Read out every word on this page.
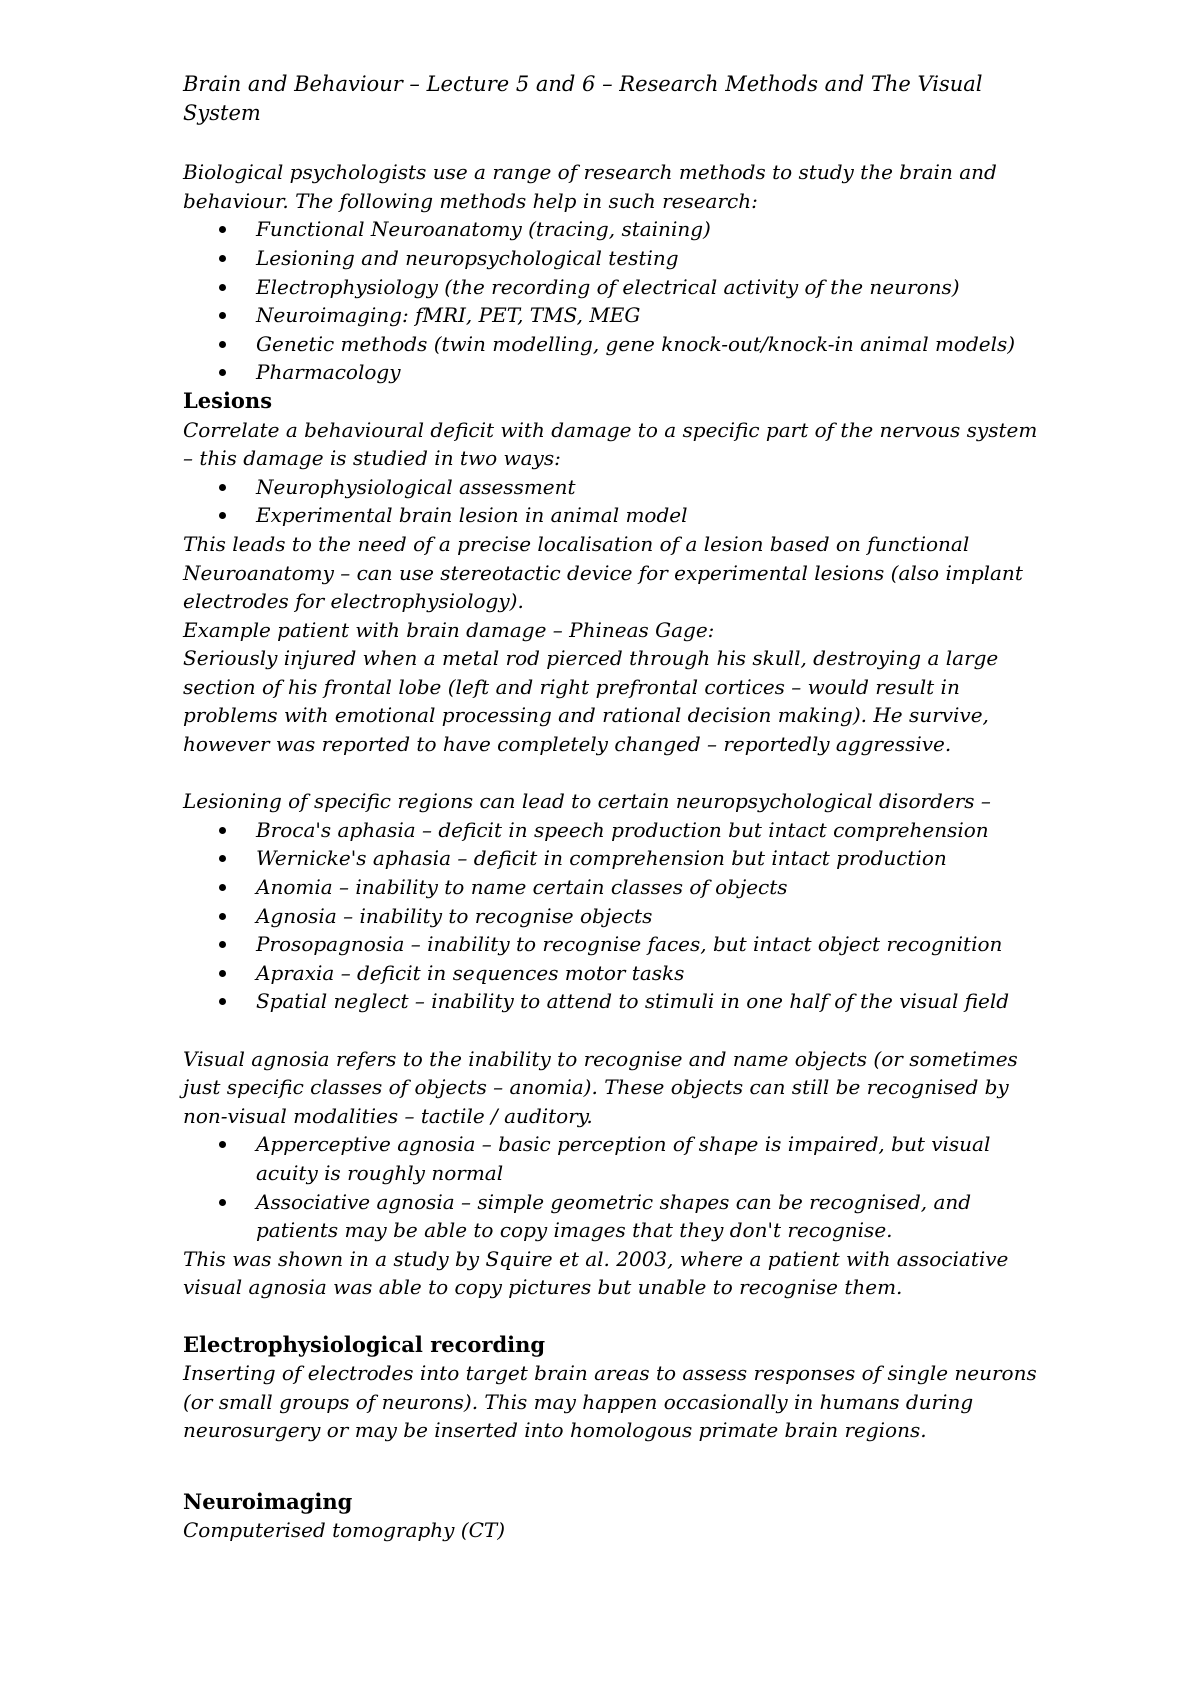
Brain and Behaviour – Lecture 5 and 6 – Research Methods and The Visual System

Biological psychologists use a range of research methods to study the brain and behaviour. The following methods help in such research:

Functional Neuroanatomy (tracing, staining)
Lesioning and neuropsychological testing
Electrophysiology (the recording of electrical activity of the neurons)
Neuroimaging: fMRI, PET, TMS, MEG
Genetic methods (twin modelling, gene knock-out/knock-in animal models)
Pharmacology
Lesions

Correlate a behavioural deficit with damage to a specific part of the nervous system – this damage is studied in two ways:

Neurophysiological assessment
Experimental brain lesion in animal model

This leads to the need of a precise localisation of a lesion based on functional Neuroanatomy – can use stereotactic device for experimental lesions (also implant electrodes for electrophysiology).

Example patient with brain damage – Phineas Gage:

Seriously injured when a metal rod pierced through his skull, destroying a large section of his frontal lobe (left and right prefrontal cortices – would result in problems with emotional processing and rational decision making). He survive, however was reported to have completely changed – reportedly aggressive.

Lesioning of specific regions can lead to certain neuropsychological disorders –

Broca's aphasia – deficit in speech production but intact comprehension
Wernicke's aphasia – deficit in comprehension but intact production
Anomia – inability to name certain classes of objects
Agnosia – inability to recognise objects
Prosopagnosia – inability to recognise faces, but intact object recognition
Apraxia – deficit in sequences motor tasks
Spatial neglect – inability to attend to stimuli in one half of the visual field

Visual agnosia refers to the inability to recognise and name objects (or sometimes just specific classes of objects – anomia). These objects can still be recognised by non-visual modalities – tactile / auditory.

Apperceptive agnosia – basic perception of shape is impaired, but visual acuity is roughly normal
Associative agnosia – simple geometric shapes can be recognised, and patients may be able to copy images that they don't recognise.

This was shown in a study by Squire et al. 2003, where a patient with associative visual agnosia was able to copy pictures but unable to recognise them.

Electrophysiological recording

Inserting of electrodes into target brain areas to assess responses of single neurons (or small groups of neurons). This may happen occasionally in humans during neurosurgery or may be inserted into homologous primate brain regions.

Neuroimaging

Computerised tomography (CT)
